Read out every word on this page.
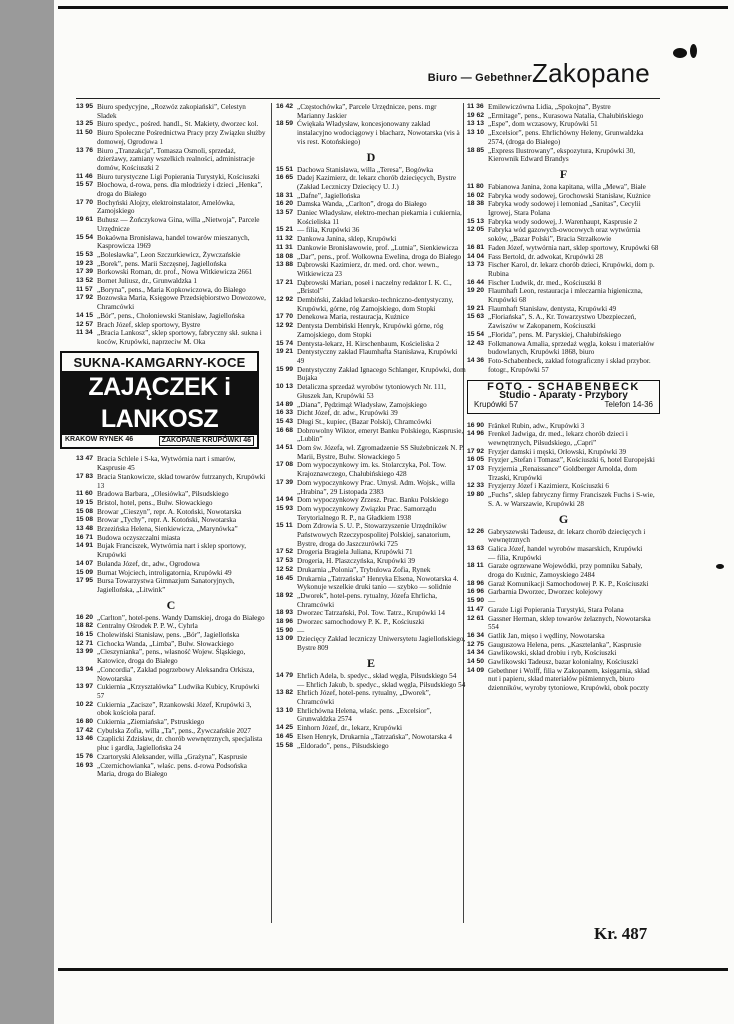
Biuro — Gebethner Zakopane
13 95 Biuro spedycyjne, „Rozwóz zakopiański”, Celestyn Sladek
13 25 Biuro spedyc., pośred. handl., St. Makiety, dworzec kol.
11 50 Biuro Społeczne Pośrednictwa Pracy przy Związku służby domowej, Ogrodowa 1
13 76 Biuro „Tranzakcja”, Tomasza Osmoli, sprzedaż, dzierżawy, zamiany wszelkich realności, administracje domów, Kościuszki 2
11 46 Biuro turystyczne Ligi Popierania Turystyki, Kościuszki
15 57 Błochowa, d-rowa, pens. dla młodzieży i dzieci „Henka”, droga do Białego
17 70 Bochyński Alojzy, elektroinstalator, Amelówka, Zamojskiego
19 61 Buhusz — Żończykowa Gina, willa „Nietwoja”, Parcele Urzędnicze
15 54 Bokaówna Bronisława, handel towarów mieszanych, Kasprowicza 1969
15 53 „Bolesławka”, Leon Szczurkiewicz, Żywczańskie
19 23 „Borek”, pens. Marii Szczęsnej, Jagiellońska
17 39 Borkowski Roman, dr. prof., Nowa Witkiewicza 2661
13 52 Bornet Juliusz, dr., Grunwaldzka 1
11 57 „Boryna”, pens., Maria Kopkowiczowa, do Białego
17 92 Bozowska Maria, Księgowe Przedsiębiorstwo Dowozowe, Chramcówki
14 15 „Bór”, pens., Chołoniewski Stanisław, Jagiellońska
12 57 Brach Józef, sklep sportowy, Bystre
11 34 „Bracia Lankosz”, sklep sportowy, fabryczny skł. sukna i koców, Krupówki, naprzeciw M. Oka
SUKNA-KAMGARNY-KOCE
ZAJĄCZEK i LANKOSZ
KRAKÓW RYNEK 46	ZAKOPANE KRUPÓWKI 46
13 47 Bracia Schlele i S-ka, Wytwórnia nart i smarów, Kasprusie 45
17 83 Bracia Stankowicze, skład towarów futrzanych, Krupówki 13
11 60 Bradowa Barbara, „Olesiówka”, Piłsudskiego
19 15 Bristol, hotel, pens., Bulw. Słowackiego
15 08 Browar „Cieszyn”, repr. A. Kotoński, Nowotarska
15 08 Browar „Tychy”, repr. A. Kotoński, Nowotarska
13 48 Brzezińska Helena, Sienkiewicza, „Marynówka”
16 71 Budowa oczyszczalni miasta
14 91 Bujak Franciszek, Wytwórnia nart i sklep sportowy, Krupówki
14 07 Bułanda Józef, dr., adw., Ogrodowa
15 09 Burnat Wojciech, introligatornia, Krupówki 49
17 95 Bursa Towarzystwa Gimnazjum Sanatoryjnych, Jagiellońska, „Litwink”
C
16 20 „Carlton”, hotel-pens. Wandy Damskiej, droga do Białego
18 82 Centralny Ośrodek P. P. W., Cyhrla
16 15 Cholewiński Stanisław, pens. „Bór”, Jagiellońska
12 71 Cichocka Wanda, „Limba”, Bulw. Słowackiego
13 99 „Cieszynianka”, pens., własność Wojew. Śląskiego, Katowice, droga do Białego
13 94 „Concordia”, Zakład pogrzebowy Aleksandra Orkisza, Nowotarska
13 97 Cukiernia „Krzyształówka” Ludwika Kubicy, Krupówki 57
10 22 Cukiernia „Zacisze”, Rzankowski Józef, Krupówki 3, obok kościoła paraf.
16 80 Cukiernia „Ziemiańska”, Pstruskiego
17 42 Cybulska Zofia, willa „Ta”, pens., Żywczańskie 2027
13 46 Czaplicki Zdzisław, dr. chorób wewnętrznych, specjalista płuc i gardła, Jagiellońska 24
15 76 Czartoryski Aleksander, willa „Grażyna”, Kasprusie
16 93 „Czernichowianka”, właśc. pens. d-rowa Podsońska Maria, droga do Białego
16 42 „Częstochówka”, Parcele Urzędnicze, pens. mgr Marianny Jaskier
18 59 Ćwiękała Władysław, koncesjonowany zakład instalacyjno wodociągowy i blacharz, Nowotarska (vis à vis rest. Kotońskiego)
D
15 51 Dachowa Stanisława, willa „Teresa”, Bogówka
16 65 Dadej Kazimierz, dr. lekarz chorób dziecięcych, Bystre (Zakład Leczniczy Dziecięcy U. J.)
18 31 „Dafne”, Jagiellońska
16 20 Damska Wanda, „Carlton”, droga do Białego
13 57 Daniec Władysław, elektro-mechan piekarnia i cukiernia, Kościeliska 11
15 21 — filia, Krupówki 36
11 32 Dankowa Janina, sklep, Krupówki
11 31 Dankowie Bronisławowie, prof. „Lutnia”, Sienkiewicza
18 08 „Dar”, pens., prof. Wolkowna Ewelina, droga do Białego
13 88 Dąbrowski Kazimierz, dr. med. ord. chor. wewn., Witkiewicza 23
17 21 Dąbrowski Marian, poseł i naczelny redaktor I. K. C., „Bristol”
12 92 Dembiński, Zakład lekarsko-techniczno-dentystyczny, Krupówki, górne, róg Zamojskiego, dom Stopki
17 70 Denekowa Maria, restauracja, Kużnice
12 92 Dentysta Dembiński Henryk, Krupówki górne, róg Zamojskiego, dom Stopki
15 74 Dentysta-lekarz, H. Kirschenbaum, Kościeliska 2
19 21 Dentystyczny zakład Flaumhafta Stanisława, Krupówki 49
15 99 Dentystyczny Zakład Ignacego Schlanger, Krupówki, dom Bujaka
10 13 Detaliczna sprzedaż wyrobów tytoniowych Nr. 111, Głuszek Jan, Krupówki 53
14 89 „Diana”, Pędzimąż Władysław, Zamojskiego
16 33 Dicht Józef, dr. adw., Krupówki 39
15 43 Długi St., kupiec, (Bazar Polski), Chramcówki
16 68 Dobrowolny Wiktor, emeryt Banku Polskiego, Kasprusie, „Lublin”
14 51 Dom św. Józefa, wł. Zgromadzenie SS Służebniczek N. P. Marii, Bystre, Bulw. Słowackiego 5
17 08 Dom wypoczynkowy im. ks. Stolarczyka, Pol. Tow. Krajoznawczego, Chałubińskiego 428
17 39 Dom wypoczynkowy Prac. Umysł. Adm. Wojsk., willa „Hrabina”, 29 Listopada 2383
14 94 Dom wypoczynkowy Zrzesz. Prac. Banku Polskiego
15 93 Dom wypoczynkowy Związku Prac. Samorządu Terytorialnego R. P., na Gładkiem 1938
15 11 Dom Zdrowia S. U. P., Stowarzyszenie Urzędników Państwowych Rzeczypospolitej Polskiej, sanatorium, Bystre, droga do Jaszczurówki 725
17 52 Drogeria Bragiela Juliana, Krupówki 71
17 53 Drogeria, H. Plaszczyńska, Krupówki 39
12 52 Drukarnia „Polonia”, Trybulowa Zofia, Rynek
16 45 Drukarnia „Tatrzańska” Henryka Elsena, Nowotarska 4. Wykonuje wszelkie druki tanio — szybko — solidnie
18 92 „Dworek”, hotel-pens. rytualny, Józefa Ehrlicha, Chramcówki
18 93 Dworzec Tatrzański, Pol. Tow. Tatrz., Krupówki 14
18 96 Dworzec samochodowy P. K. P., Kościuszki
15 90 —
13 09 Dziecięcy Zakład leczniczy Uniwersytetu Jagiellońskiego, Bystre 809
E
14 79 Ehrlich Adela, b. spedyc., skład węgla, Piłsudskiego 54
— Ehrlich Jakub, b. spedyc., skład węgla, Piłsudskiego 54
13 82 Ehrlich Józef, hotel-pens. rytualny, „Dworek”, Chramcówki
13 10 Ehrlichówna Helena, właśc. pens. „Excelsior”, Grunwaldzka 2574
14 25 Einhorn Józef, dr., lekarz, Krupówki
16 45 Elsen Henryk, Drukarnia „Tatrzańska”, Nowotarska 4
15 58 „Eldorado”, pens., Piłsudskiego
11 36 Emilewiczówna Lidia, „Spokojna”, Bystre
19 62 „Ermitage”, pens., Kurasowa Natalia, Chałubińskiego
13 13 „Espe”, dom wczasowy, Krupówki 51
13 10 „Excelsior”, pens. Ehrlichówny Heleny, Grunwaldzka 2574, (droga do Białego)
18 85 „Express Ilustrowany”, ekspozytura, Krupówki 30, Kierownik Edward Brandys
F
11 80 Fabianowa Janina, żona kapitana, willa „Mewa”, Białe
16 02 Fabryka wody sodowej, Grochowski Stanisław, Kużnice
18 38 Fabryka wody sodowej i lemoniad „Sanitas”, Cecylii Igrowej, Stara Polana
15 13 Fabryka wody sodowej, J. Warenhaupt, Kasprusie 2
12 05 Fabryka wód gazowych-owocowych oraz wytwórnia soków, „Bazar Polski”, Bracia Strzałkowie
16 81 Faden Józef, wytwórnia nart, sklep sportowy, Krupówki 68
14 04 Fass Bertold, dr. adwokat, Krupówki 28
13 73 Fischer Karol, dr. lekarz chorób dzieci, Krupówki, dom p. Rubina
16 44 Fischer Ludwik, dr. med., Kościuszki 8
19 20 Flaumhaft Leon, restauracja i mleczarnia higieniczna, Krupówki 68
19 21 Flaumhaft Stanisław, dentysta, Krupówki 49
15 63 „Floriańska”, S. A., Kr. Towarzystwo Ubezpieczeń, Zawiszów w Zakopanem, Kościuszki
15 54 „Florida”, pens. M. Paryskiej, Chałubińskiego
12 43 Folkmanowa Amalia, sprzedaż węgla, koksu i materiałów budowlanych, Krupówki 1868, biuro
14 36 Foto-Schabenbeck, zakład fotograficzny i skład przybor. fotogr., Krupówki 57
FOTO - SCHABENBECK
Studio - Aparaty - Przybory
Krupówki 57	Telefon 14-36
16 90 Fränkel Rubin, adw., Krupówki 3
14 96 Frenkel Jadwiga, dr. med., lekarz chorób dzieci i wewnętrznych, Piłsudskiego, „Capri”
17 92 Fryzjer damski i męski, Orłowski, Krupówki 39
16 05 Fryzjer „Stefan i Tomasz”, Kościuszki 6, hotel Europejski
17 03 Fryzjernia „Renaissance” Goldberger Arnolda, dom Trzaski, Krupówki
12 33 Fryzjerzy Józef i Kazimierz, Kościuszki 6
19 80 „Fuchs”, sklep fabryczny firmy Franciszek Fuchs i S-wie, S. A. w Warszawie, Krupówki 28
G
12 26 Gabryszewski Tadeusz, dr. lekarz chorób dziecięcych i wewnętrznych
13 63 Galica Józef, handel wyrobów masarskich, Krupówki
— filia, Krupówki
18 11 Garaże ogrzewane Wojewódki, przy pomniku Sabały, droga do Kużnic, Zamoyskiego 2484
18 96 Garaż Komunikacji Samochodowej P. K. P., Kościuszki
16 96 Garbarnia Dworzec, Dworzec kolejowy
15 90 —
11 47 Garaże Ligi Popierania Turystyki, Stara Polana
12 61 Gassner Herman, sklep towarów żelaznych, Nowotarska 554
16 34 Gatlik Jan, mięso i wędliny, Nowotarska
12 75 Gauguszowa Helena, pens. „Kasztelanka”, Kasprusie
14 34 Gawlikowski, skład drobiu i ryb, Kościuszki
14 50 Gawlikowski Tadeusz, bazar kolonialny, Kościuszki
14 09 Gebethner i Wolff, filia w Zakopanem, księgarnia, skład nut i papieru, skład materiałów piśmiennych, biuro dzienników, wyroby tytoniowe, Krupówki, obok poczty
Kr. 487
